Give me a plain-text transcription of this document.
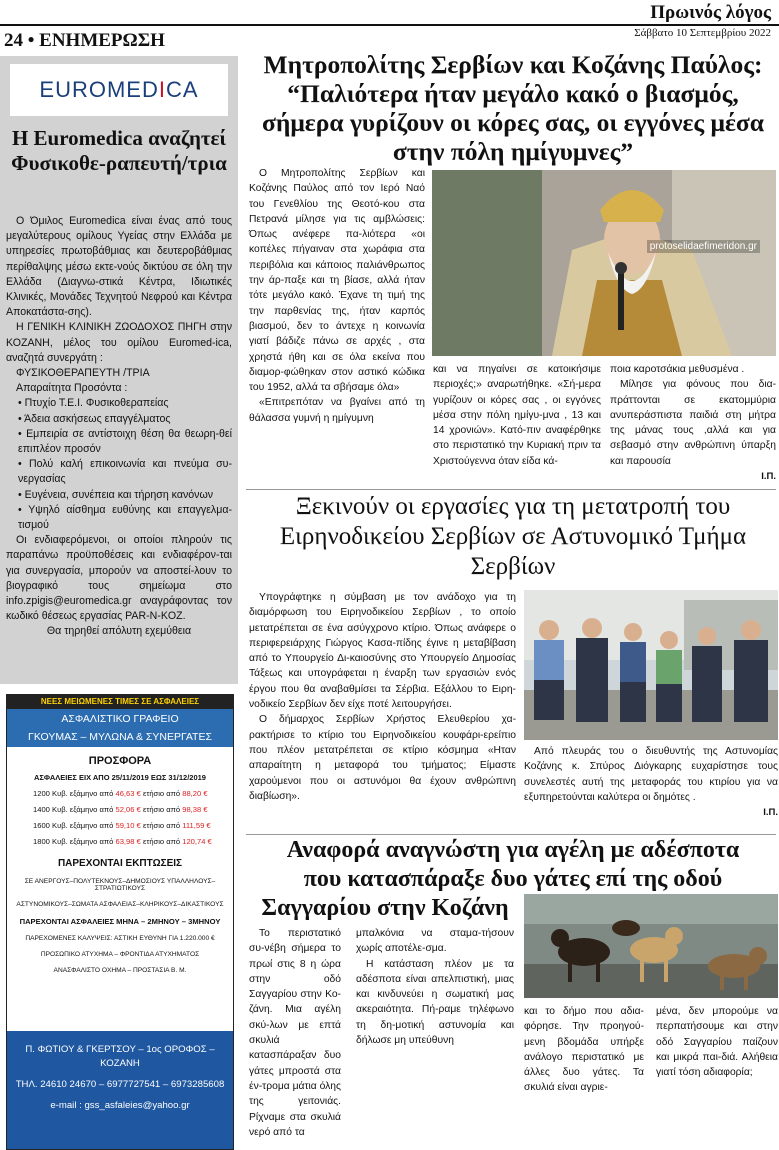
Πρωινός λόγος
Σάββατο 10 Σεπτεμβρίου 2022
24 • ΕΝΗΜΕΡΩΣΗ
EUROMEDICA
Η Euromedica αναζητεί Φυσικοθε-ραπευτή/τρια

Ο Όμιλος Euromedica είναι ένας από τους μεγαλύτερους ομίλους Υγείας στην Ελλάδα με υπηρεσίες πρωτοβάθμιας και δευτεροβάθμιας περίθαλψης μέσω εκτε-νούς δικτύου σε όλη την Ελλάδα (Διαγνω-στικά Κέντρα, Ιδιωτικές Κλινικές, Μονάδες Τεχνητού Νεφρού και Κέντρα Αποκατάστα-σης).

Η ΓΕΝΙΚΗ ΚΛΙΝΙΚΗ ΖΩΟΔΟΧΟΣ ΠΗΓΗ στην ΚΟΖΑΝΗ, μέλος του ομίλου Euromed-ica, αναζητά συνεργάτη :

ΦΥΣΙΚΟΘΕΡΑΠΕΥΤΗ /ΤΡΙΑ

Απαραίτητα Προσόντα :

• Πτυχίο Τ.Ε.Ι. Φυσικοθεραπείας

• Άδεια ασκήσεως επαγγέλματος

• Εμπειρία σε αντίστοιχη θέση θα θεωρη-θεί επιπλέον προσόν

• Πολύ καλή επικοινωνία και πνεύμα συ-νεργασίας

• Ευγένεια, συνέπεια και τήρηση κανόνων

• Υψηλό αίσθημα ευθύνης και επαγγελμα-τισμού

Οι ενδιαφερόμενοι, οι οποίοι πληρούν τις παραπάνω προϋποθέσεις και ενδιαφέρον-ται για συνεργασία, μπορούν να αποστεί-λουν το βιογραφικό τους σημείωμα στο info.zpigis@euromedica.gr αναγράφοντας τον κωδικό θέσεως εργασίας PAR-N-KOZ.

Θα τηρηθεί απόλυτη εχεμύθεια

ΝΕΕΣ ΜΕΙΩΜΕΝΕΣ ΤΙΜΕΣ ΣΕ ΑΣΦΑΛΕΙΕΣ
ΑΣΦΑΛΙΣΤΙΚΟ ΓΡΑΦΕΙΟ
ΓΚΟΥΜΑΣ – ΜΥΛΩΝΑ & ΣΥΝΕΡΓΑΤΕΣ
ΠΡΟΣΦΟΡΑ
ΑΣΦΑΛΕΙΕΣ ΕΙΧ ΑΠΟ 25/11/2019 ΕΩΣ 31/12/2019
1200 Κυβ. εξάμηνο από 46,63 € ετήσιο από 88,20 €
1400 Κυβ. εξάμηνο από 52,06 € ετήσιο από 98,38 €
1600 Κυβ. εξάμηνο από 59,10 € ετήσιο από 111,59 €
1800 Κυβ. εξάμηνο από 63,98 € ετήσιο από 120,74 €
ΠΑΡΕΧΟΝΤΑΙ ΕΚΠΤΩΣΕΙΣ
ΣΕ ΑΝΕΡΓΟΥΣ–ΠΟΛΥΤΕΚΝΟΥΣ–ΔΗΜΟΣΙΟΥΣ ΥΠΑΛΛΗΛΟΥΣ–ΣΤΡΑΤΙΩΤΙΚΟΥΣ
ΑΣΤΥΝΟΜΙΚΟΥΣ–ΣΩΜΑΤΑ ΑΣΦΑΛΕΙΑΣ–ΚΛΗΡΙΚΟΥΣ–ΔΙΚΑΣΤΙΚΟΥΣ
ΠΑΡΕΧΟΝΤΑΙ ΑΣΦΑΛΕΙΕΣ ΜΗΝΑ – 2ΜΗΝΟΥ – 3ΜΗΝΟΥ
ΠΑΡΕΧΟΜΕΝΕΣ ΚΑΛΥΨΕΙΣ: ΑΣΤΙΚΗ ΕΥΘΥΝΗ ΓΙΑ 1.220.000 €
ΠΡΟΣΩΠΙΚΟ ΑΤΥΧΗΜΑ – ΦΡΟΝΤΙΔΑ ΑΤΥΧΗΜΑΤΟΣ
ΑΝΑΣΦΑΛΙΣΤΟ ΟΧΗΜΑ – ΠΡΟΣΤΑΣΙΑ Β. Μ.

Π. ΦΩΤΙΟΥ & ΓΚΕΡΤΣΟΥ – 1ος ΟΡΟΦΟΣ – ΚΟΖΑΝΗ

ΤΗΛ. 24610 24670 – 6977727541 – 6973285608

e-mail : gss_asfaleies@yahoo.gr

Μητροπολίτης Σερβίων και Κοζάνης Παύλος: “Παλιότερα ήταν μεγάλο κακό ο βιασμός, σήμερα γυρίζουν οι κόρες σας, οι εγγόνες μέσα στην πόλη ημίγυμνες”
protoselidaefimeridon.gr

Ο Μητροπολίτης Σερβίων και Κοζάνης Παύλος από τον Ιερό Ναό του Γενεθλίου της Θεοτό-κου στα Πετρανά μίλησε για τις αμβλώσεις: Όπως ανέφερε πα-λιότερα «οι κοπέλες πήγαιναν στα χωράφια στα περιβόλια και κάποιος παλιάνθρωπος την άρ-παξε και τη βίασε, αλλά ήταν τότε μεγάλο κακό. Έχανε τη τιμή της την παρθενίας της, ήταν καρπός βιασμού, δεν το άντεχε η κοινωνία γιατί βάδιζε πάνω σε αρχές , στα χρηστά ήθη και σε όλα εκείνα που διαμορ-φώθηκαν στον αστικό κώδικα του 1952, αλλά τα σβήσαμε όλα»

«Επιτρεπόταν να βγαίνει από τη θάλασσα γυμνή η ημίγυμνη

και να πηγαίνει σε κατοικήσιμε περιοχές;» αναρωτήθηκε. «Σή-μερα γυρίζουν οι κόρες σας , οι εγγόνες μέσα στην πόλη ημίγυ-μνα , 13 και 14 χρονιών». Κατό-πιν αναφέρθηκε στο περιστατικό την Κυριακή πριν τα Χριστούγεννα όταν είδα κά-

ποια καροτσάκια μεθυσμένα .

Μίλησε για φόνους που δια-πράττονται σε εκατομμύρια ανυπεράσπιστα παιδιά στη μήτρα της μάνας τους ,αλλά και για σεβασμό στην ανθρώπινη ύπαρξη και παρουσία

Ι.Π.

Ξεκινούν οι εργασίες για τη μετατροπή του Ειρηνοδικείου Σερβίων σε Αστυνομικό Τμήμα Σερβίων

Υπογράφτηκε η σύμβαση με τον ανάδοχο για τη διαμόρφωση του Ειρηνοδικείου Σερβίων , το οποίο μετατρέπεται σε ένα ασύγχρονο κτίριο. Όπως ανάφερε ο περιφερειάρχης Γιώργος Κασα-πίδης έγινε η μεταβίβαση από το Υπουργείο Δι-καιοσύνης στο Υπουργείο Δημοσίας Τάξεως και υπογράφεται η έναρξη των εργασιών ενός έργου που θα αναβαθμίσει τα Σέρβια. Εξάλλου το Ειρη-νοδικείο Σερβίων δεν είχε ποτέ λειτουργήσει.

Ο δήμαρχος Σερβίων Χρήστος Ελευθερίου χα-ρακτήρισε το κτίριο του Ειρηνοδικείου κουφάρι-ερείπιο που πλέον μετατρέπεται σε κτίριο κόσμημα «Ηταν απαραίτητη η μεταφορά του τμήματος; Είμαστε χαρούμενοι που οι αστυνόμοι θα έχουν ανθρώπινη διαβίωση».

Από πλευράς του ο διευθυντής της Αστυνομίας Κοζάνης κ. Σπύρος Διόγκαρης ευχαρίστησε τους συνελεστές αυτή της μεταφοράς του κτιρίου για να εξυπηρετούνται καλύτερα οι δημότες .

Ι.Π.

Αναφορά αναγνώστη για αγέλη με αδέσποτα
που κατασπάραξε δυο γάτες επί της οδού
Σαγγαρίου στην Κοζάνη

Το περιστατικό συ-νέβη σήμερα το πρωί στις 8 η ώρα στην οδό Σαγγαρίου στην Κο-ζάνη. Μια αγέλη σκύ-λων με επτά σκυλιά κατασπάραξαν δυο γάτες μπροστά στα έν-τρομα μάτια όλης της γειτονιάς. Ρίχναμε στα σκυλιά νερό από τα

μπαλκόνια να σταμα-τήσουν χωρίς αποτέλε-σμα.

Η κατάσταση πλέον με τα αδέσποτα είναι απελπιστική, μιας και κινδυνεύει η σωματική μας ακεραιότητα. Πή-ραμε τηλέφωνο τη δη-μοτική αστυνομία και δήλωσε μη υπεύθυνη

και το δήμο που αδια-φόρησε. Την προηγού-μενη βδομάδα υπήρξε ανάλογο περιστατικό με άλλες δυο γάτες. Τα σκυλιά είναι αγριε-

μένα, δεν μπορούμε να περπατήσουμε και στην οδό Σαγγαρίου παίζουν και μικρά παι-διά. Αλήθεια γιατί τόση αδιαφορία;
